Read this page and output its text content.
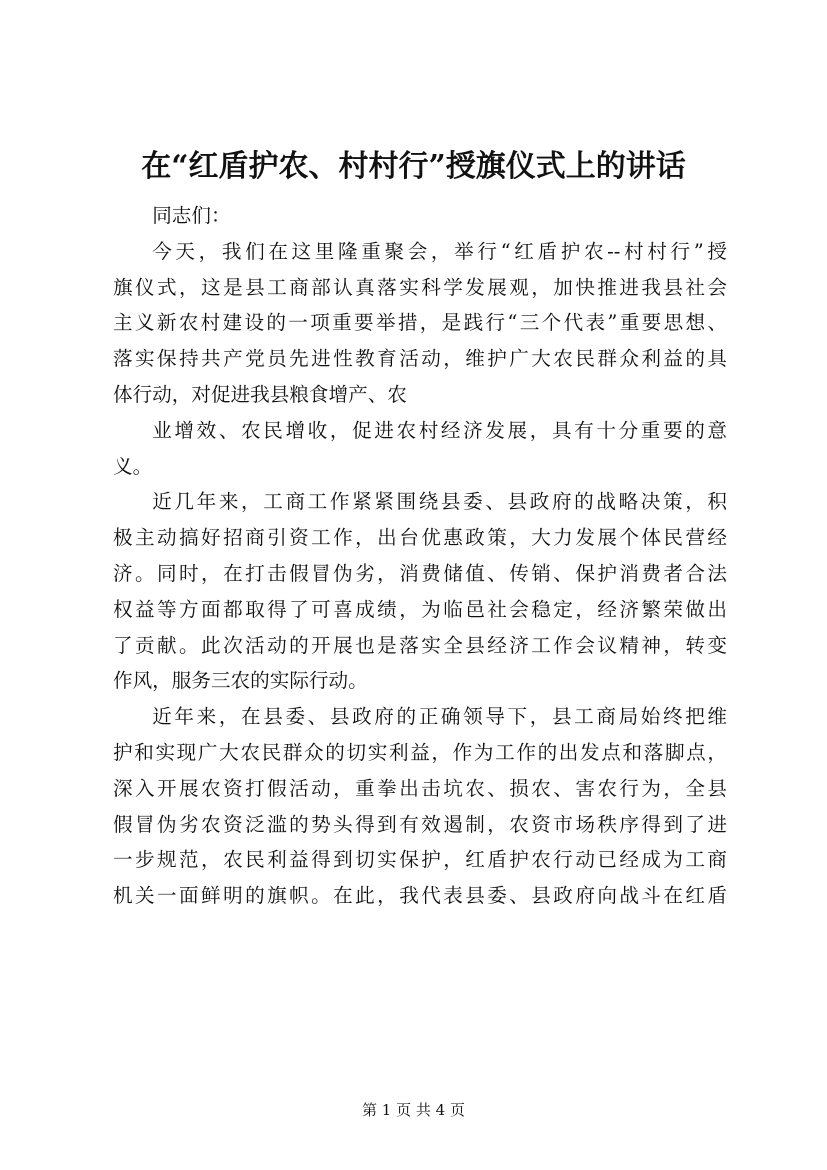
在“红盾护农、村村行”授旗仪式上的讲话
同志们：
今天，我们在这里隆重聚会，举行“红盾护农--村村行”授
旗仪式，这是县工商部认真落实科学发展观，加快推进我县社会
主义新农村建设的一项重要举措，是践行“三个代表”重要思想、
落实保持共产党员先进性教育活动，维护广大农民群众利益的具
体行动，对促进我县粮食增产、农
业增效、农民增收，促进农村经济发展，具有十分重要的意
义。
近几年来，工商工作紧紧围绕县委、县政府的战略决策，积
极主动搞好招商引资工作，出台优惠政策，大力发展个体民营经
济。同时，在打击假冒伪劣，消费储值、传销、保护消费者合法
权益等方面都取得了可喜成绩，为临邑社会稳定，经济繁荣做出
了贡献。此次活动的开展也是落实全县经济工作会议精神，转变
作风，服务三农的实际行动。
近年来，在县委、县政府的正确领导下，县工商局始终把维
护和实现广大农民群众的切实利益，作为工作的出发点和落脚点，
深入开展农资打假活动，重拳出击坑农、损农、害农行为，全县
假冒伪劣农资泛滥的势头得到有效遏制，农资市场秩序得到了进
一步规范，农民利益得到切实保护，红盾护农行动已经成为工商
机关一面鲜明的旗帜。在此，我代表县委、县政府向战斗在红盾
第 1 页 共 4 页
